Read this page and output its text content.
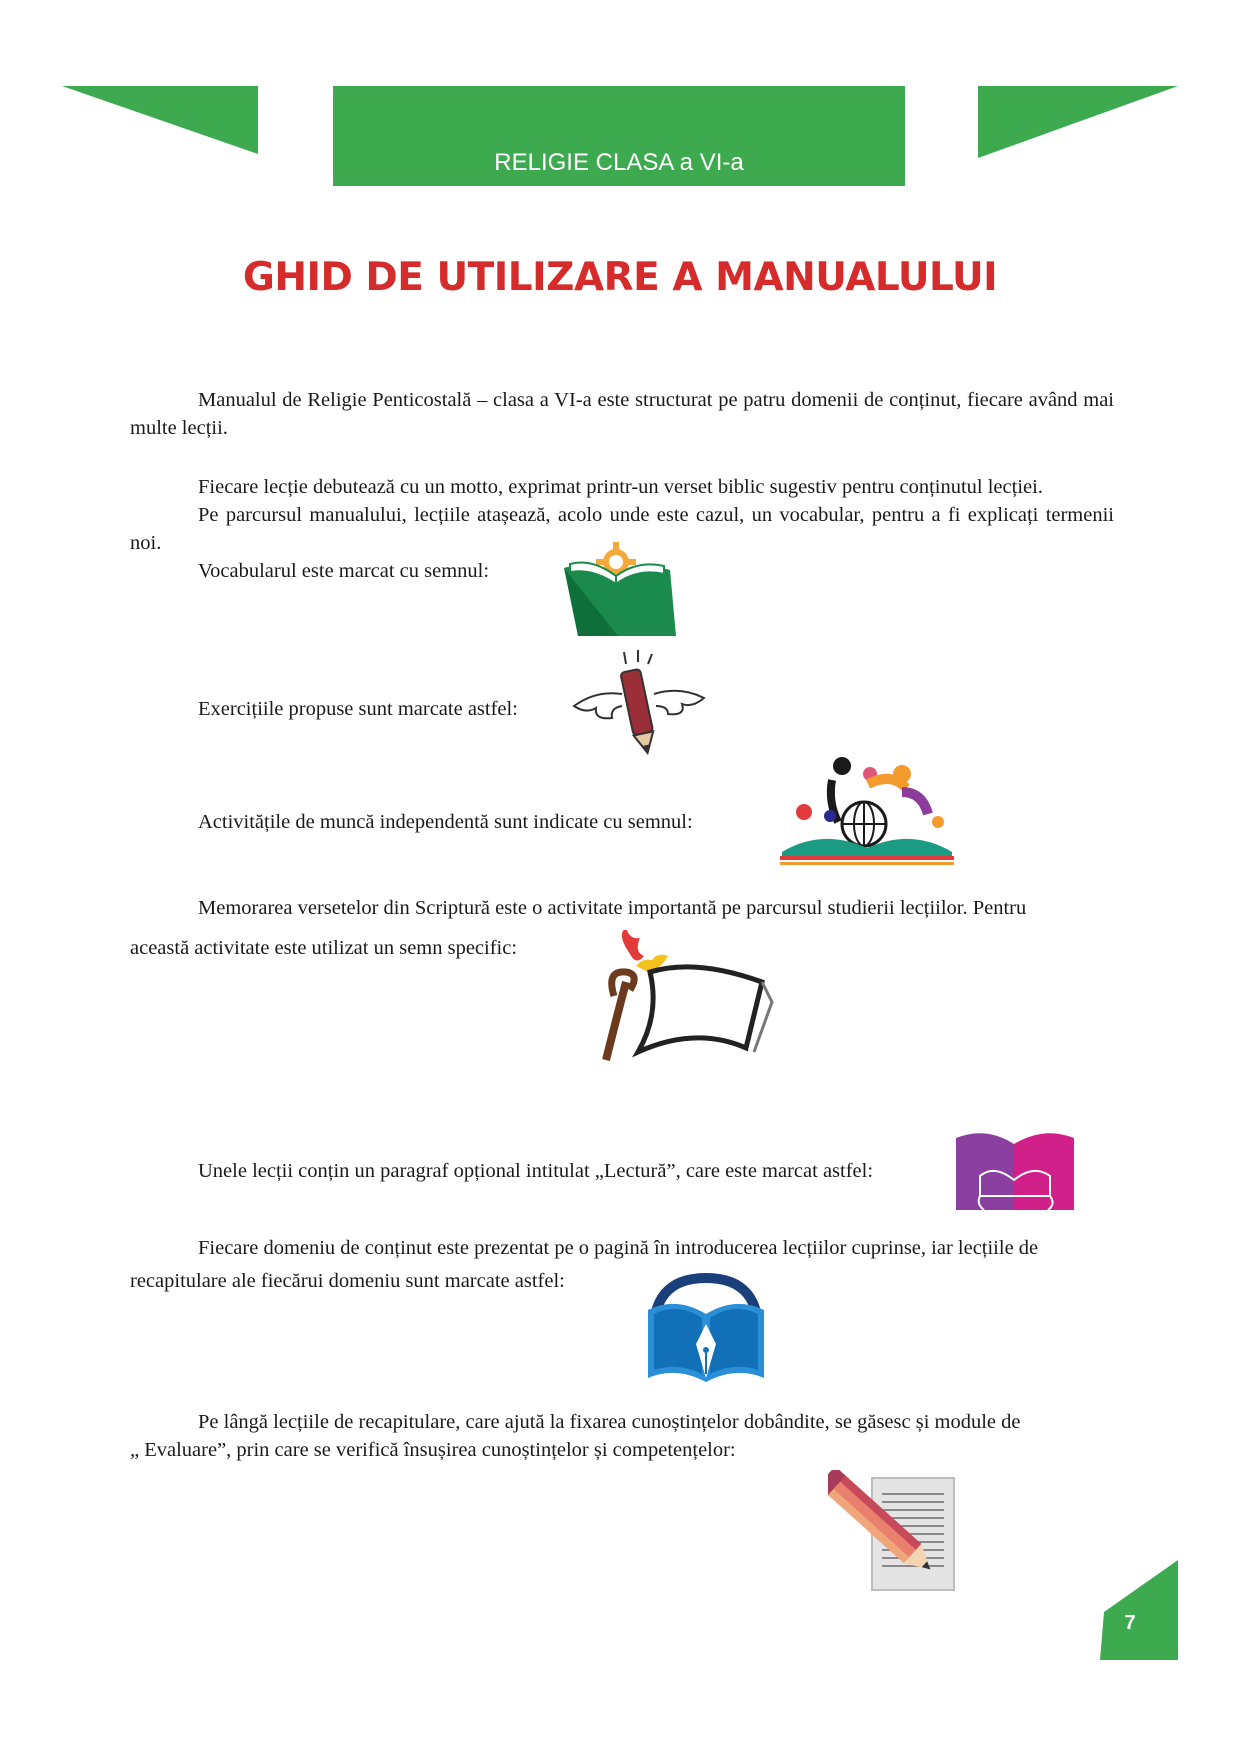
RELIGIE CLASA a VI-a
GHID DE UTILIZARE A MANUALULUI
Manualul de Religie Penticostală – clasa a VI-a este structurat pe patru domenii de conținut, fiecare având mai multe lecții.
Fiecare lecție debutează cu un motto, exprimat printr-un verset biblic sugestiv pentru conținutul lecției.
Pe parcursul manualului, lecțiile atașează, acolo unde este cazul, un vocabular, pentru a fi explicați termenii noi.
Vocabularul este marcat cu semnul:
Exercițiile propuse sunt marcate astfel:
Activitățile de muncă independentă sunt indicate cu semnul:
Memorarea versetelor din Scriptură este o activitate importantă pe parcursul studierii lecțiilor. Pentru
această activitate este utilizat un semn specific:
Unele lecții conțin un paragraf opțional intitulat „Lectură”, care este marcat astfel:
Fiecare domeniu de conținut este prezentat pe o pagină în introducerea lecțiilor cuprinse, iar lecțiile de
recapitulare ale fiecărui domeniu sunt marcate astfel:
Pe lângă lecțiile de recapitulare, care ajută la fixarea cunoștințelor dobândite, se găsesc și module de
„ Evaluare”, prin care se verifică însușirea cunoștințelor și competențelor:
7
